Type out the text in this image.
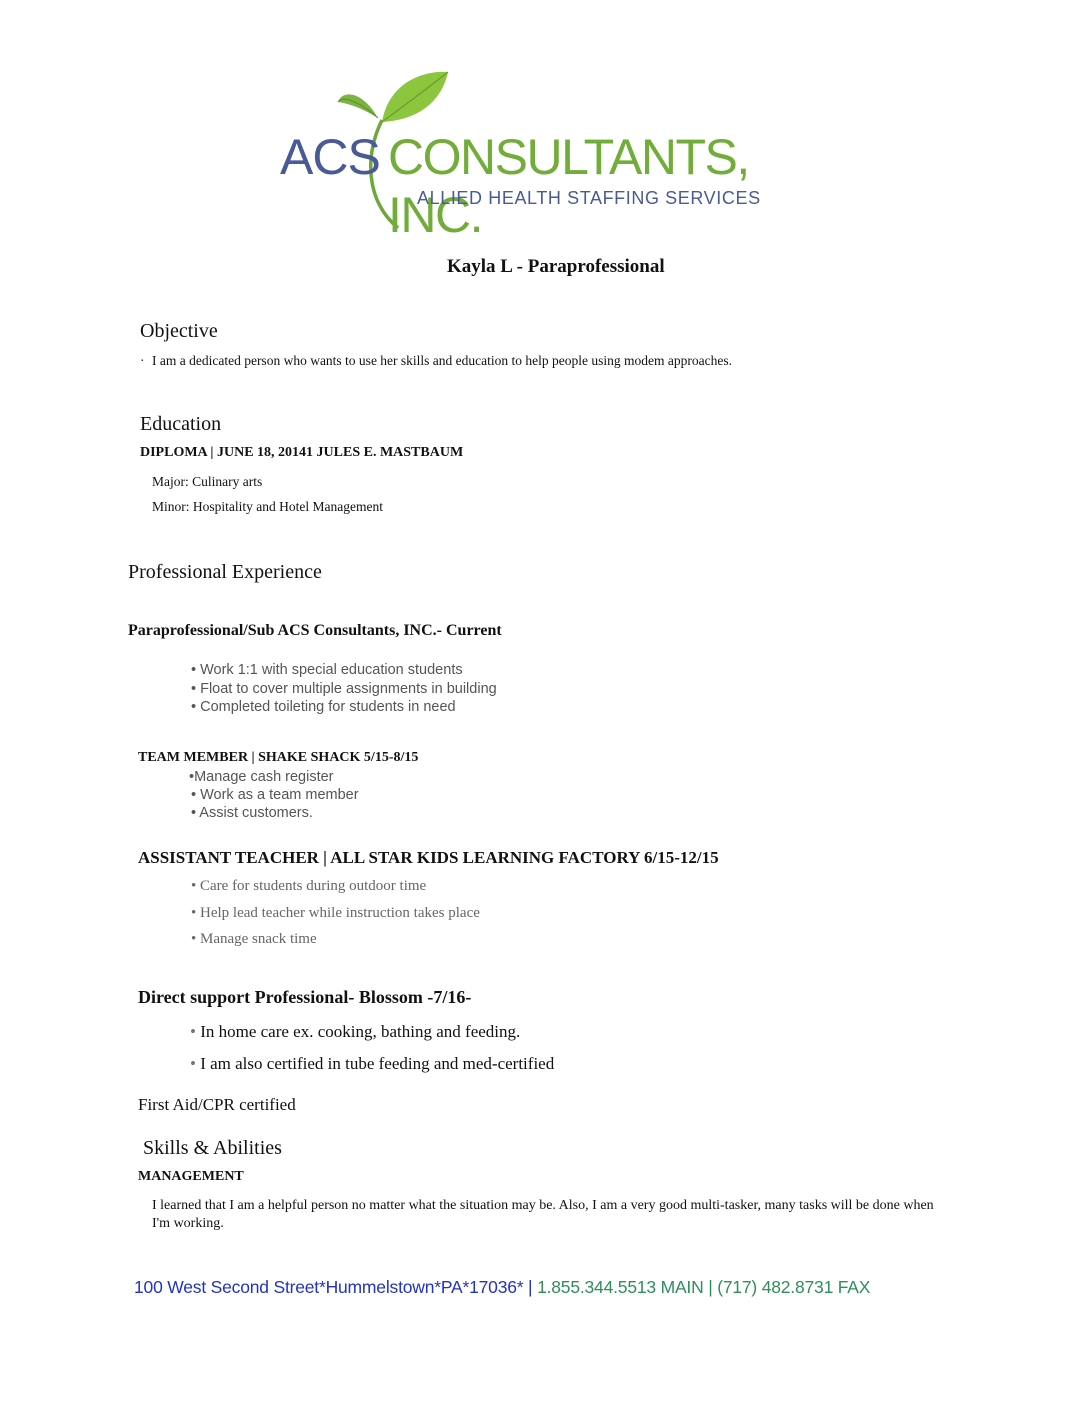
ACS CONSULTANTS, INC.
ALLIED HEALTH STAFFING SERVICES
Kayla L - Paraprofessional
Objective
· I am a dedicated person who wants to use her skills and education to help people using modem approaches.
Education
DIPLOMA | JUNE 18, 20141 JULES E. MASTBAUM
Major: Culinary arts
Minor: Hospitality and Hotel Management
Professional Experience
Paraprofessional/Sub ACS Consultants, INC.- Current
• Work 1:1 with special education students
• Float to cover multiple assignments in building
• Completed toileting for students in need
TEAM MEMBER | SHAKE SHACK 5/15-8/15
•Manage cash register
• Work as a team member
• Assist customers.
ASSISTANT TEACHER | ALL STAR KIDS LEARNING FACTORY 6/15-12/15
• Care for students during outdoor time
• Help lead teacher while instruction takes place
• Manage snack time
Direct support Professional- Blossom -7/16-
• In home care ex. cooking, bathing and feeding.
• I am also certified in tube feeding and med-certified
First Aid/CPR certified
Skills & Abilities
MANAGEMENT
I learned that I am a helpful person no matter what the situation may be. Also, I am a very good multi-tasker, many tasks will be done when I'm working.
100 West Second Street*Hummelstown*PA*17036* | 1.855.344.5513 MAIN | (717) 482.8731 FAX
